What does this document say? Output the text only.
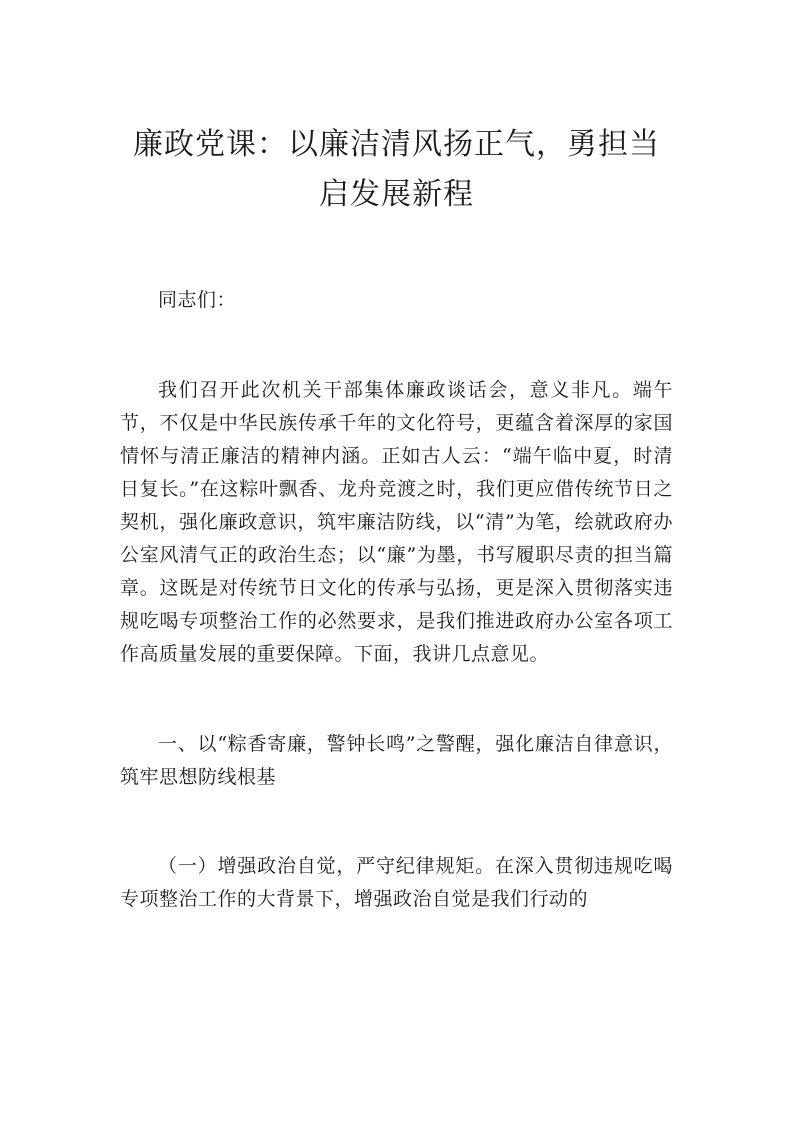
廉政党课：以廉洁清风扬正气，勇担当启发展新程

同志们：

我们召开此次机关干部集体廉政谈话会，意义非凡。端午节，不仅是中华民族传承千年的文化符号，更蕴含着深厚的家国情怀与清正廉洁的精神内涵。正如古人云：“端午临中夏，时清日复长。”在这粽叶飘香、龙舟竞渡之时，我们更应借传统节日之契机，强化廉政意识，筑牢廉洁防线，以“清”为笔，绘就政府办公室风清气正的政治生态；以“廉”为墨，书写履职尽责的担当篇章。这既是对传统节日文化的传承与弘扬，更是深入贯彻落实违规吃喝专项整治工作的必然要求，是我们推进政府办公室各项工作高质量发展的重要保障。下面，我讲几点意见。

一、以“粽香寄廉，警钟长鸣”之警醒，强化廉洁自律意识，筑牢思想防线根基

（一）增强政治自觉，严守纪律规矩。在深入贯彻违规吃喝专项整治工作的大背景下，增强政治自觉是我们行动的
